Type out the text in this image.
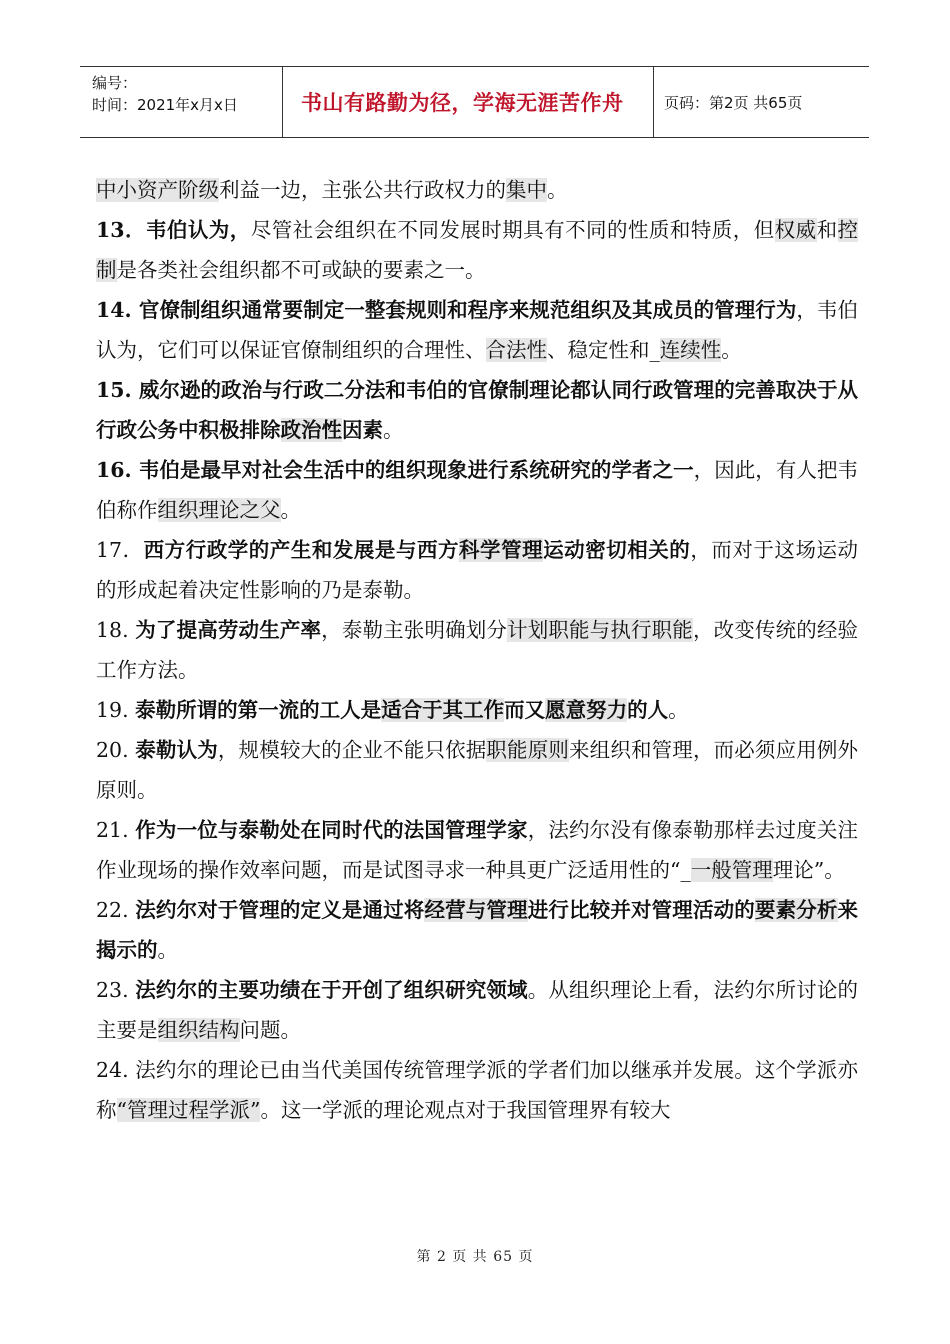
编号：
时间：2021年x月x日	书山有路勤为径，学海无涯苦作舟	页码：第2页 共65页

中小资产阶级利益一边，主张公共行政权力的集中。

13．韦伯认为，尽管社会组织在不同发展时期具有不同的性质和特质，但权威和控制是各类社会组织都不可或缺的要素之一。

14. 官僚制组织通常要制定一整套规则和程序来规范组织及其成员的管理行为，韦伯认为，它们可以保证官僚制组织的合理性、合法性、稳定性和_连续性。

15. 威尔逊的政治与行政二分法和韦伯的官僚制理论都认同行政管理的完善取决于从行政公务中积极排除政治性因素。

16. 韦伯是最早对社会生活中的组织现象进行系统研究的学者之一，因此，有人把韦伯称作组织理论之父。

17．西方行政学的产生和发展是与西方科学管理运动密切相关的，而对于这场运动的形成起着决定性影响的乃是泰勒。

18. 为了提高劳动生产率，泰勒主张明确划分计划职能与执行职能，改变传统的经验工作方法。

19. 泰勒所谓的第一流的工人是适合于其工作而又愿意努力的人。

20. 泰勒认为，规模较大的企业不能只依据职能原则来组织和管理，而必须应用例外原则。

21. 作为一位与泰勒处在同时代的法国管理学家，法约尔没有像泰勒那样去过度关注作业现场的操作效率问题，而是试图寻求一种具更广泛适用性的“_一般管理理论”。

22. 法约尔对于管理的定义是通过将经营与管理进行比较并对管理活动的要素分析来揭示的。

23. 法约尔的主要功绩在于开创了组织研究领域。从组织理论上看，法约尔所讨论的主要是组织结构问题。

24. 法约尔的理论已由当代美国传统管理学派的学者们加以继承并发展。这个学派亦称“管理过程学派”。这一学派的理论观点对于我国管理界有较大

第 2 页 共 65 页
